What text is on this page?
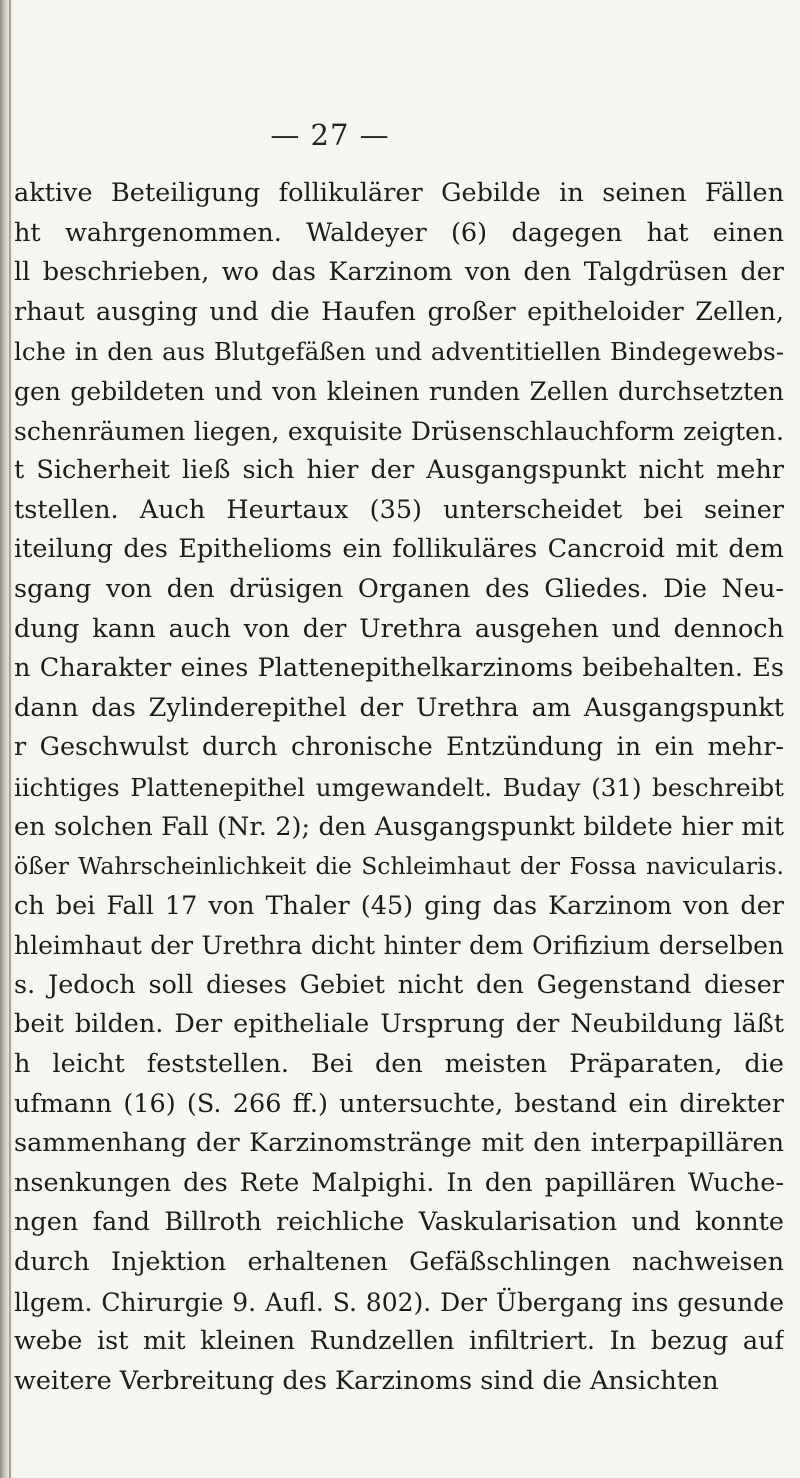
— 27 —
aktive Beteiligung follikulärer Gebilde in seinen Fällen
ht wahrgenommen. Waldeyer (6) dagegen hat einen
ll beschrieben, wo das Karzinom von den Talgdrüsen der
rhaut ausging und die Haufen großer epitheloider Zellen,
lche in den aus Blutgefäßen und adventitiellen Bindegewebs-
gen gebildeten und von kleinen runden Zellen durchsetzten
schenräumen liegen, exquisite Drüsenschlauchform zeigten.
t Sicherheit ließ sich hier der Ausgangspunkt nicht mehr
tstellen. Auch Heurtaux (35) unterscheidet bei seiner
iteilung des Epithelioms ein follikuläres Cancroid mit dem
sgang von den drüsigen Organen des Gliedes. Die Neu-
dung kann auch von der Urethra ausgehen und dennoch
n Charakter eines Plattenepithelkarzinoms beibehalten. Es
dann das Zylinderepithel der Urethra am Ausgangspunkt
r Geschwulst durch chronische Entzündung in ein mehr-
iichtiges Plattenepithel umgewandelt. Buday (31) beschreibt
en solchen Fall (Nr. 2); den Ausgangspunkt bildete hier mit
ößer Wahrscheinlichkeit die Schleimhaut der Fossa navicularis.
ch bei Fall 17 von Thaler (45) ging das Karzinom von der
hleimhaut der Urethra dicht hinter dem Orifizium derselben
s. Jedoch soll dieses Gebiet nicht den Gegenstand dieser
beit bilden. Der epitheliale Ursprung der Neubildung läßt
h leicht feststellen. Bei den meisten Präparaten, die
ufmann (16) (S. 266 ff.) untersuchte, bestand ein direkter
sammenhang der Karzinomstränge mit den interpapillären
nsenkungen des Rete Malpighi. In den papillären Wuche-
ngen fand Billroth reichliche Vaskularisation und konnte
durch Injektion erhaltenen Gefäßschlingen nachweisen
llgem. Chirurgie 9. Aufl. S. 802). Der Übergang ins gesunde
webe ist mit kleinen Rundzellen infiltriert. In bezug auf
weitere Verbreitung des Karzinoms sind die Ansichten
